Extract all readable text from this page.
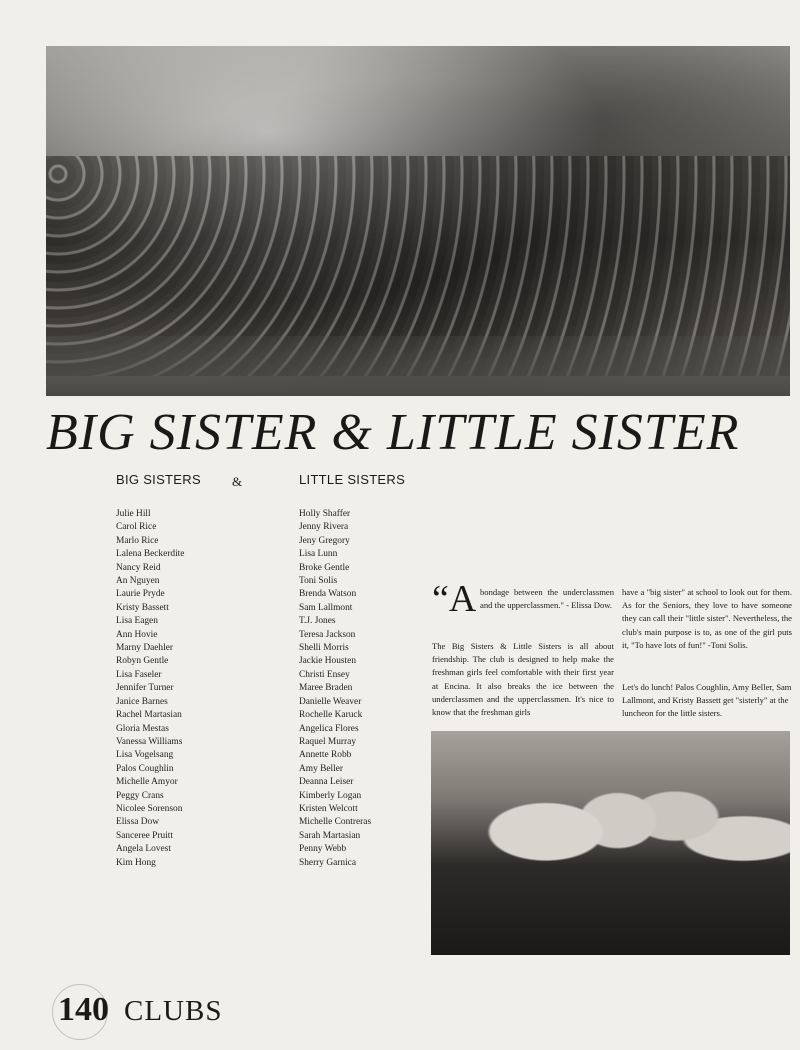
BIG SISTER & LITTLE SISTER
BIG SISTERS &	LITTLE SISTERS
Julie Hill
Carol Rice
Marlo Rice
Lalena Beckerdite
Nancy Reid
An Nguyen
Laurie Pryde
Kristy Bassett
Lisa Eagen
Ann Hovie
Marny Daehler
Robyn Gentle
Lisa Faseler
Jennifer Turner
Janice Barnes
Rachel Martasian
Gloria Mestas
Vanessa Williams
Lisa Vogelsang
Palos Coughlin
Michelle Amyor
Peggy Crans
Nicolee Sorenson
Elissa Dow
Sanceree Pruitt
Angela Lovest
Kim Hong
Holly Shaffer
Jenny Rivera
Jeny Gregory
Lisa Lunn
Broke Gentle
Toni Solis
Brenda Watson
Sam Lallmont
T.J. Jones
Teresa Jackson
Shelli Morris
Jackie Housten
Christi Ensey
Maree Braden
Danielle Weaver
Rochelle Karuck
Angelica Flores
Raquel Murray
Annette Robb
Amy Beller
Deanna Leiser
Kimberly Logan
Kristen Welcott
Michelle Contreras
Sarah Martasian
Penny Webb
Sherry Garnica
“A bondage between the underclassmen and the upperclassmen." - Elissa Dow.

The Big Sisters & Little Sisters is all about friendship. The club is designed to help make the freshman girls feel comfortable with their first year at Encina. It also breaks the ice between the underclassmen and the upperclassmen. It's nice to know that the freshman girls

have a "big sister" at school to look out for them. As for the Seniors, they love to have someone they can call their "little sister". Nevertheless, the club's main purpose is to, as one of the girl puts it, "To have lots of fun!" -Toni Solis.

Let's do lunch! Palos Coughlin, Amy Beller, Sam Lallmont, and Kristy Bassett get "sisterly" at the luncheon for the little sisters.

140 CLUBS
